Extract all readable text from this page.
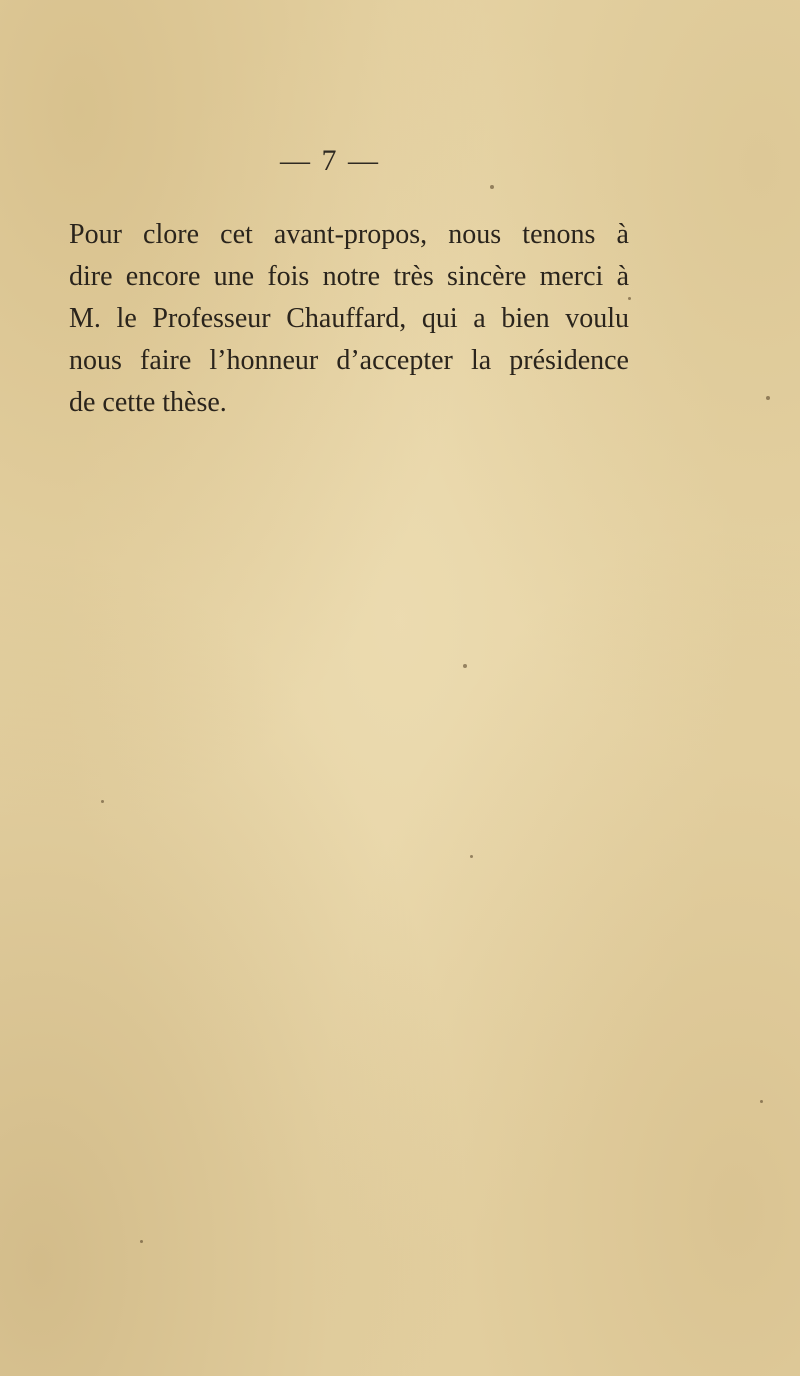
— 7 —

Pour clore cet avant-propos, nous tenons à
dire encore une fois notre très sincère merci à
M. le Professeur Chauffard, qui a bien voulu
nous faire l’honneur d’accepter la présidence
de cette thèse.
